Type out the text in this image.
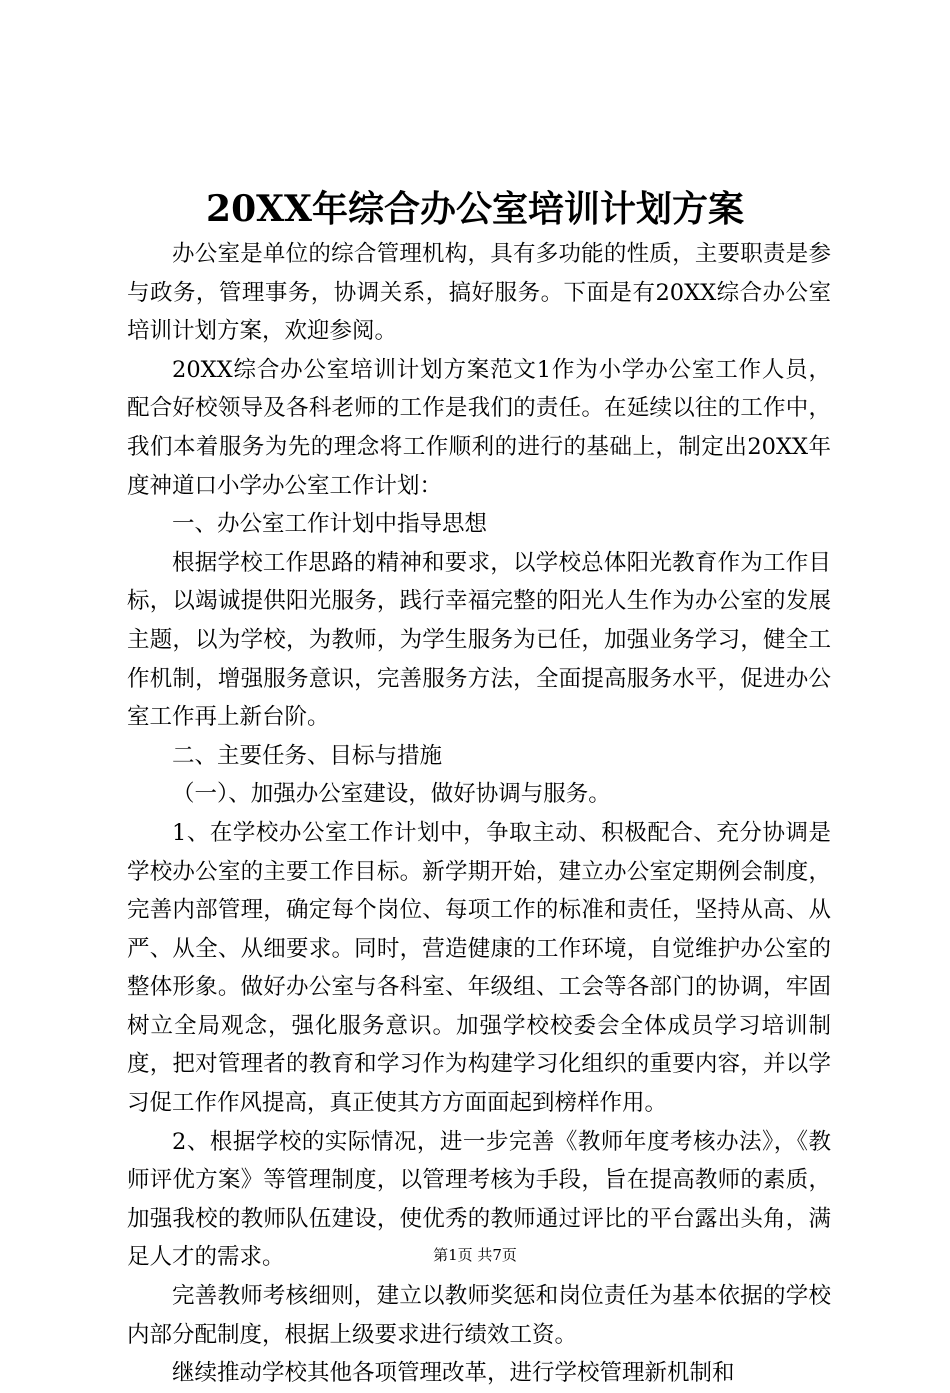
20XX年综合办公室培训计划方案

办公室是单位的综合管理机构，具有多功能的性质，主要职责是参与政务，管理事务，协调关系，搞好服务。下面是有20XX综合办公室培训计划方案，欢迎参阅。

20XX综合办公室培训计划方案范文1作为小学办公室工作人员，配合好校领导及各科老师的工作是我们的责任。在延续以往的工作中，我们本着服务为先的理念将工作顺利的进行的基础上，制定出20XX年度神道口小学办公室工作计划：

一、办公室工作计划中指导思想

根据学校工作思路的精神和要求，以学校总体阳光教育作为工作目标，以竭诚提供阳光服务，践行幸福完整的阳光人生作为办公室的发展主题，以为学校，为教师，为学生服务为已任，加强业务学习，健全工作机制，增强服务意识，完善服务方法，全面提高服务水平，促进办公室工作再上新台阶。

二、主要任务、目标与措施

（一）、加强办公室建设，做好协调与服务。

1、在学校办公室工作计划中，争取主动、积极配合、充分协调是学校办公室的主要工作目标。新学期开始，建立办公室定期例会制度，完善内部管理，确定每个岗位、每项工作的标准和责任，坚持从高、从严、从全、从细要求。同时，营造健康的工作环境，自觉维护办公室的整体形象。做好办公室与各科室、年级组、工会等各部门的协调，牢固树立全局观念，强化服务意识。加强学校校委会全体成员学习培训制度，把对管理者的教育和学习作为构建学习化组织的重要内容，并以学习促工作作风提高，真正使其方方面面起到榜样作用。

2、根据学校的实际情况，进一步完善《教师年度考核办法》，《教师评优方案》等管理制度，以管理考核为手段，旨在提高教师的素质，加强我校的教师队伍建设，使优秀的教师通过评比的平台露出头角，满足人才的需求。

完善教师考核细则，建立以教师奖惩和岗位责任为基本依据的学校内部分配制度，根据上级要求进行绩效工资。

继续推动学校其他各项管理改革，进行学校管理新机制和

第1页 共7页
